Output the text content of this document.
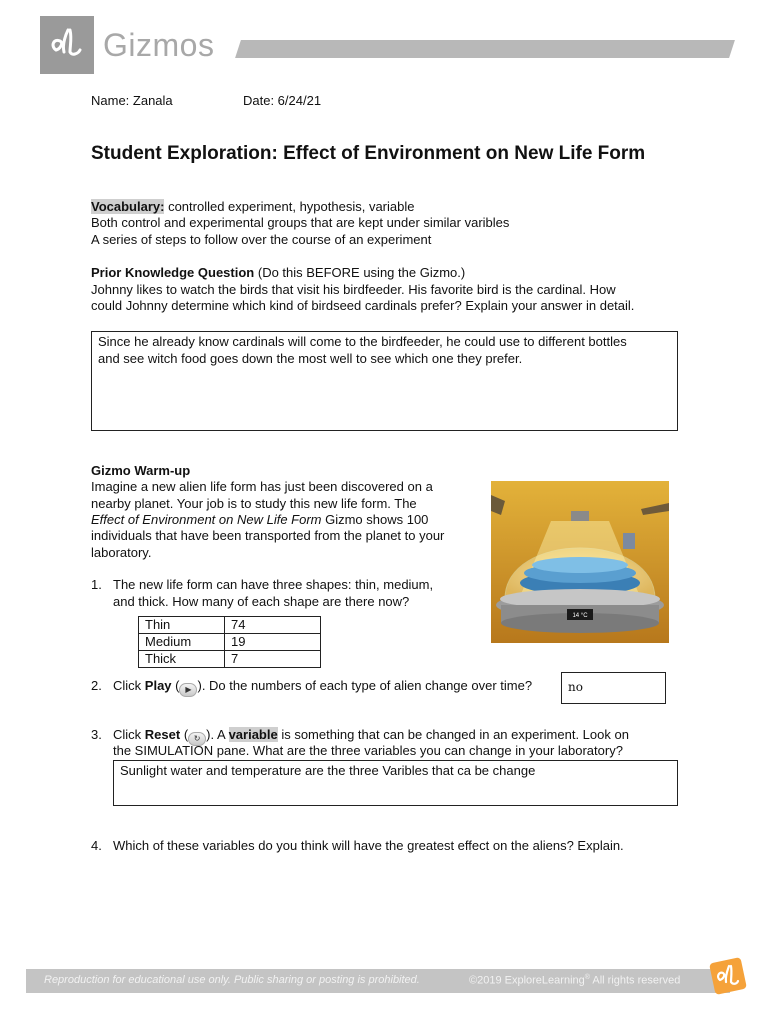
Gizmos
Name: Zanala	Date: 6/24/21
Student Exploration: Effect of Environment on New Life Form
Vocabulary: controlled experiment, hypothesis, variable
Both control and experimental groups that are kept under similar varibles
A series of steps to follow over the course of an experiment
Prior Knowledge Question (Do this BEFORE using the Gizmo.)
Johnny likes to watch the birds that visit his birdfeeder. His favorite bird is the cardinal. How
could Johnny determine which kind of birdseed cardinals prefer? Explain your answer in detail.
Since he already know cardinals will come to the birdfeeder, he could use to different bottles
and see witch food goes down the most well to see which one they prefer.
Gizmo Warm-up
Imagine a new alien life form has just been discovered on a
nearby planet. Your job is to study this new life form. The
Effect of Environment on New Life Form Gizmo shows 100
individuals that have been transported from the planet to your
laboratory.
14 °C
1. The new life form can have three shapes: thin, medium,
and thick. How many of each shape are there now?
Thin	74
Medium	19
Thick	7
2. Click Play ( ▶ ). Do the numbers of each type of alien change over time?	no
3. Click Reset ( ↻ ). A variable is something that can be changed in an experiment. Look on
the SIMULATION pane. What are the three variables you can change in your laboratory?
Sunlight water and temperature are the three Varibles that ca be change
4. Which of these variables do you think will have the greatest effect on the aliens? Explain.
Reproduction for educational use only. Public sharing or posting is prohibited.	©2019 ExploreLearning® All rights reserved
